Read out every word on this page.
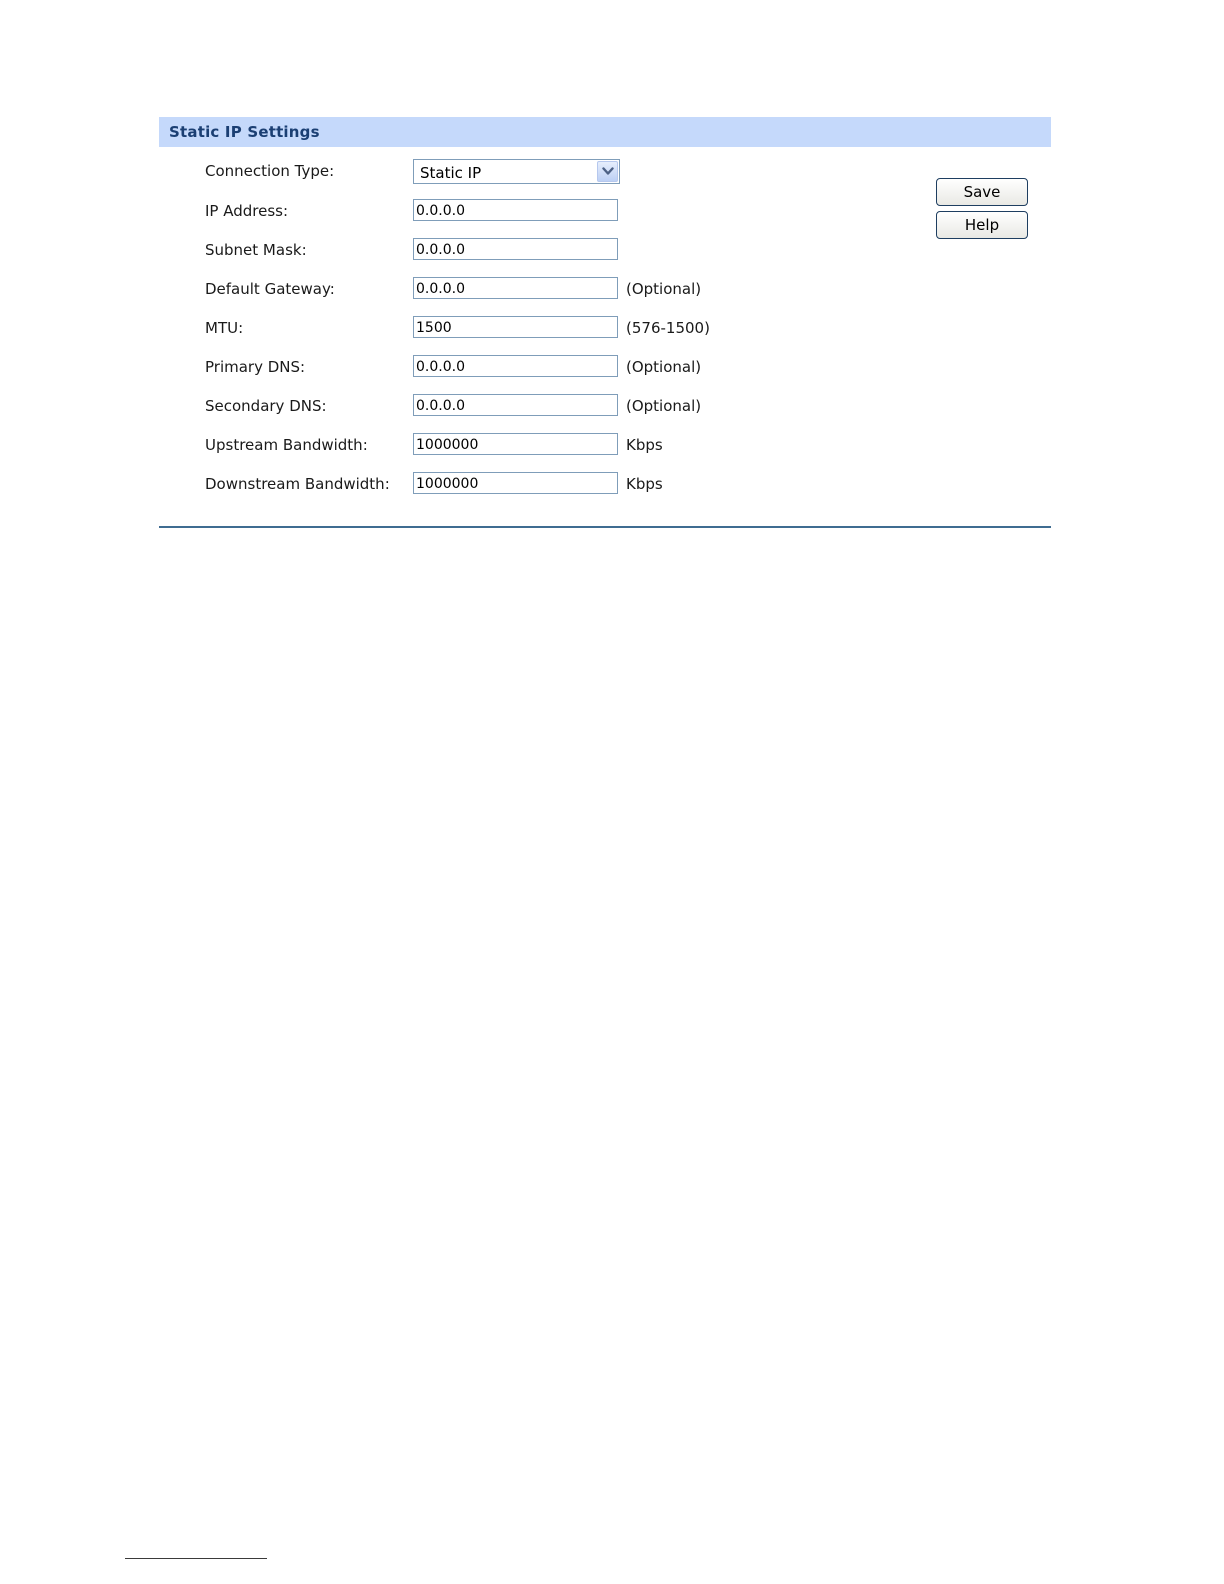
Static IP Settings
Connection Type:	Static IP
IP Address:
0.0.0.0
Subnet Mask:
0.0.0.0
Default Gateway:
0.0.0.0	(Optional)
MTU:
1500	(576-1500)
Primary DNS:
0.0.0.0	(Optional)
Secondary DNS:
0.0.0.0	(Optional)
Upstream Bandwidth:
1000000	Kbps
Downstream Bandwidth:
1000000	Kbps
Save
Help
